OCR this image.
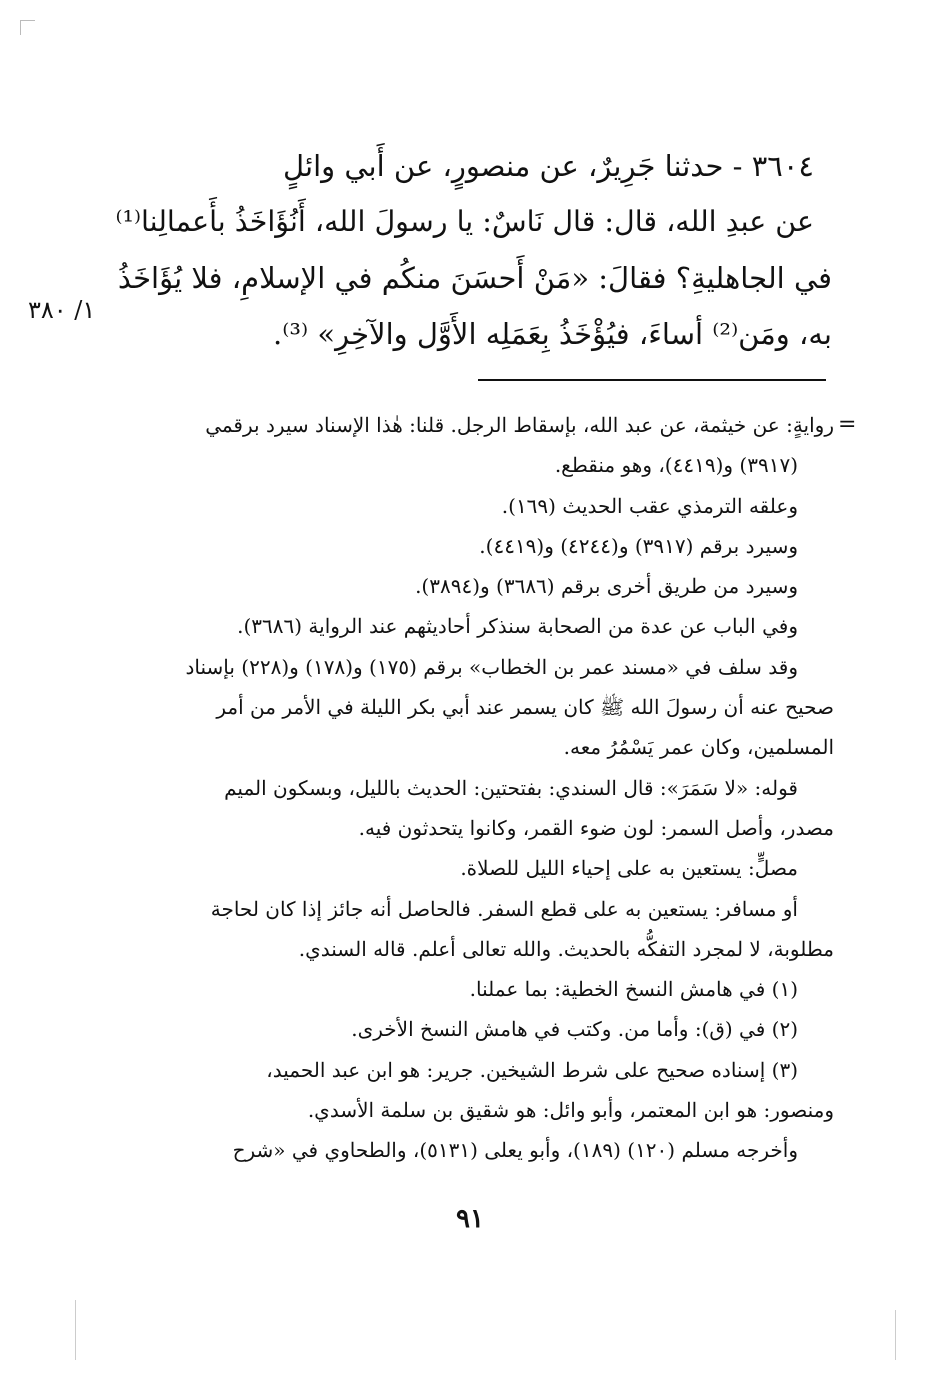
٣٦٠٤ - حدثنا جَرِيرٌ، عن منصورٍ، عن أَبي وائلٍ
عن عبدِ الله، قال: قال نَاسٌ: يا رسولَ الله، أَنُؤَاخَذُ بأَعمالِنا⁽¹⁾
في الجاهليةِ؟ فقالَ: «مَنْ أَحسَنَ منكُم في الإسلامِ، فلا يُؤَاخَذُ
به، ومَن⁽²⁾ أساءَ، فيُؤْخَذُ بِعَمَلِه الأَوَّل والآخِرِ» ⁽³⁾.
١/ ٣٨٠
=
روايةٍ: عن خيثمة، عن عبد الله، بإسقاط الرجل. قلنا: هٰذا الإسناد سيرد برقمي
(٣٩١٧) و(٤٤١٩)، وهو منقطع.
وعلقه الترمذي عقب الحديث (١٦٩).
وسيرد برقم (٣٩١٧) و(٤٢٤٤) و(٤٤١٩).
وسيرد من طريق أخرى برقم (٣٦٨٦) و(٣٨٩٤).
وفي الباب عن عدة من الصحابة سنذكر أحاديثهم عند الرواية (٣٦٨٦).
وقد سلف في «مسند عمر بن الخطاب» برقم (١٧٥) و(١٧٨) و(٢٢٨) بإسناد
صحيح عنه أن رسولَ الله ﷺ كان يسمر عند أبي بكر الليلة في الأمر من أمر
المسلمين، وكان عمر يَسْمُرُ معه.
قوله: «لا سَمَرَ»: قال السندي: بفتحتين: الحديث بالليل، وبسكون الميم
مصدر، وأصل السمر: لون ضوء القمر، وكانوا يتحدثون فيه.
مصلٍّ: يستعين به على إحياء الليل للصلاة.
أو مسافر: يستعين به على قطع السفر. فالحاصل أنه جائز إذا كان لحاجة
مطلوبة، لا لمجرد التفكُّه بالحديث. والله تعالى أعلم. قاله السندي.
(١) في هامش النسخ الخطية: بما عملنا.
(٢) في (ق): وأما من. وكتب في هامش النسخ الأخرى.
(٣) إسناده صحيح على شرط الشيخين. جرير: هو ابن عبد الحميد،
ومنصور: هو ابن المعتمر، وأبو وائل: هو شقيق بن سلمة الأسدي.
وأخرجه مسلم (١٢٠) (١٨٩)، وأبو يعلى (٥١٣١)، والطحاوي في «شرح
٩١
